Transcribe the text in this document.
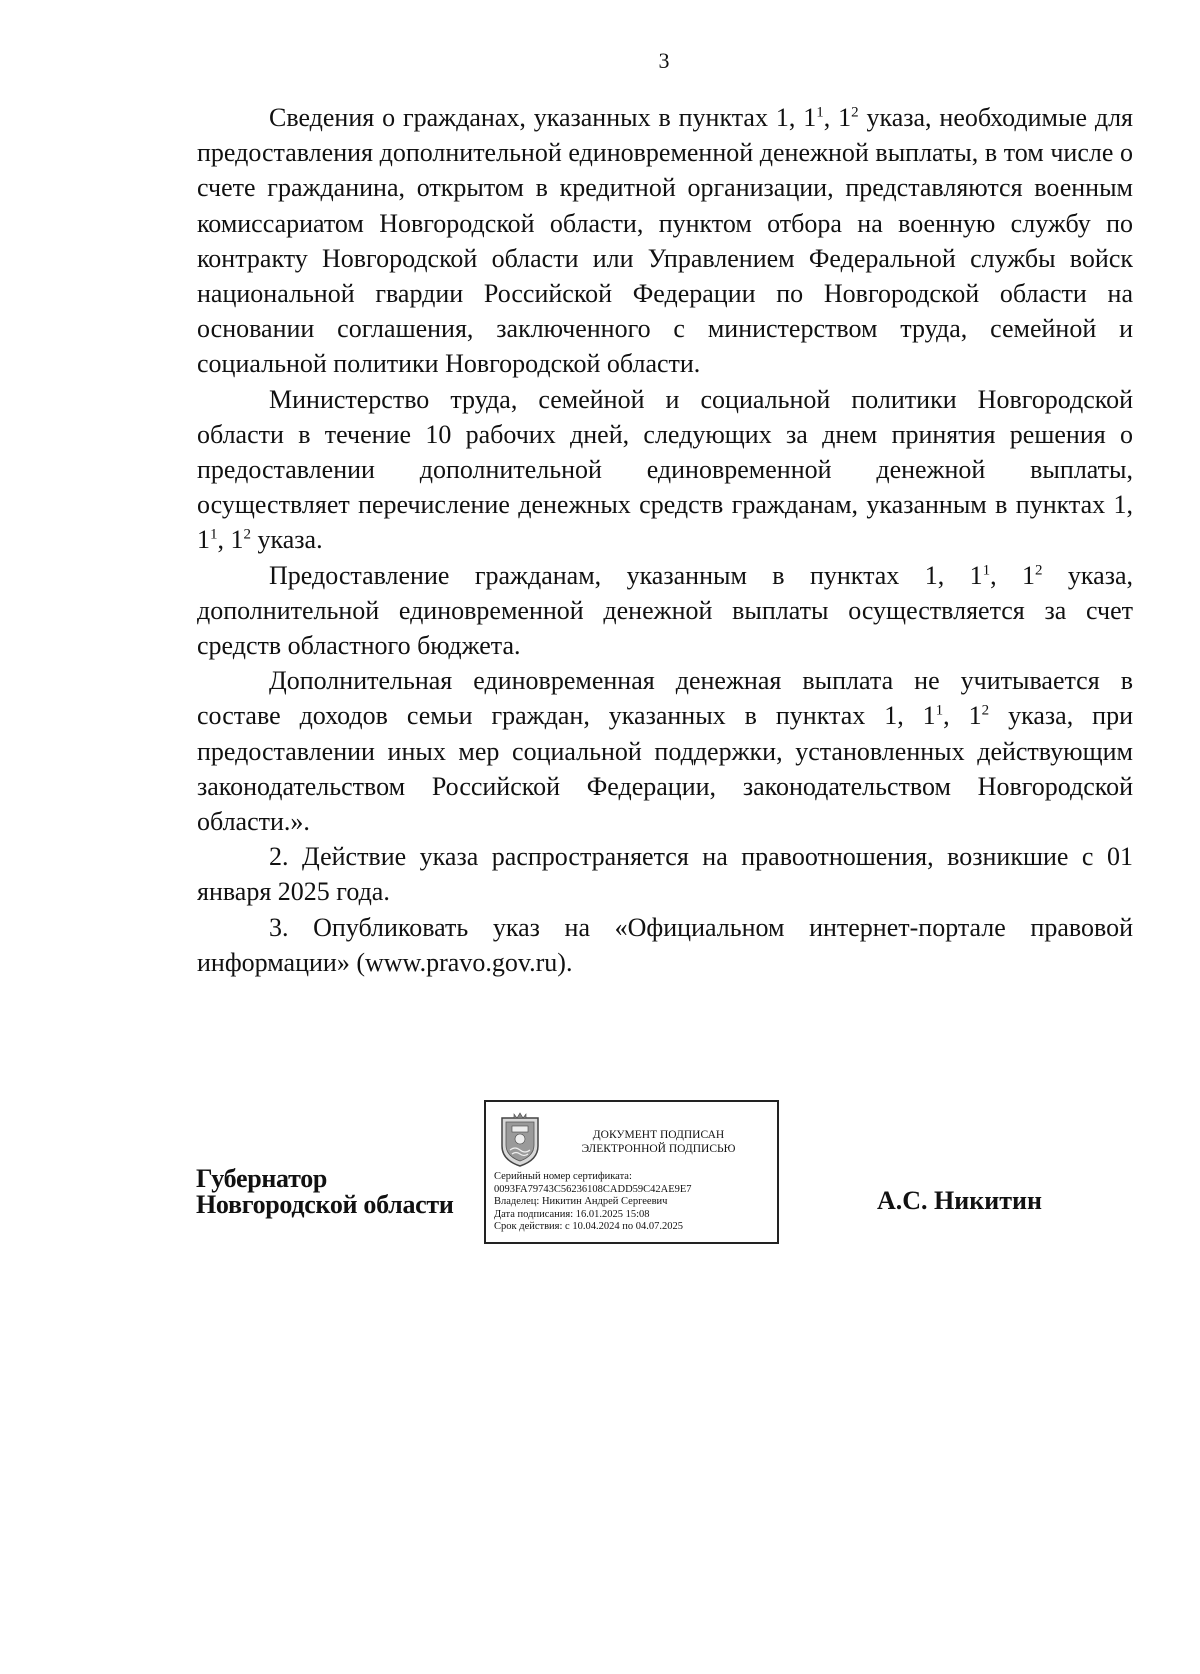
3

Сведения о гражданах, указанных в пунктах 1, $1^1$, $1^2$ указа, необходимые для предоставления дополнительной единовременной денежной выплаты, в том числе о счете гражданина, открытом в кредитной организации, представляются военным комиссариатом Новгородской области, пунктом отбора на военную службу по контракту Новгородской области или Управлением Федеральной службы войск национальной гвардии Российской Федерации по Новгородской области на основании соглашения, заключенного с министерством труда, семейной и социальной политики Новгородской области.

Министерство труда, семейной и социальной политики Новгородской области в течение 10 рабочих дней, следующих за днем принятия решения о предоставлении дополнительной единовременной денежной выплаты, осуществляет перечисление денежных средств гражданам, указанным в пунктах 1, $1^1$, $1^2$ указа.

Предоставление гражданам, указанным в пунктах 1, $1^1$, $1^2$ указа, дополнительной единовременной денежной выплаты осуществляется за счет средств областного бюджета.

Дополнительная единовременная денежная выплата не учитывается в составе доходов семьи граждан, указанных в пунктах 1, $1^1$, $1^2$ указа, при предоставлении иных мер социальной поддержки, установленных действующим законодательством Российской Федерации, законодательством Новгородской области.».

2. Действие указа распространяется на правоотношения, возникшие с 01 января 2025 года.

3. Опубликовать указ на «Официальном интернет-портале правовой информации» (www.pravo.gov.ru).

Губернатор
Новгородской области
ДОКУМЕНТ ПОДПИСАН
ЭЛЕКТРОННОЙ ПОДПИСЬЮ
Серийный номер сертификата:
0093FA79743C56236108CADD59C42AE9E7
Владелец: Никитин Андрей Сергеевич
Дата подписания: 16.01.2025 15:08
Срок действия: с 10.04.2024 по 04.07.2025
А.С. Никитин
